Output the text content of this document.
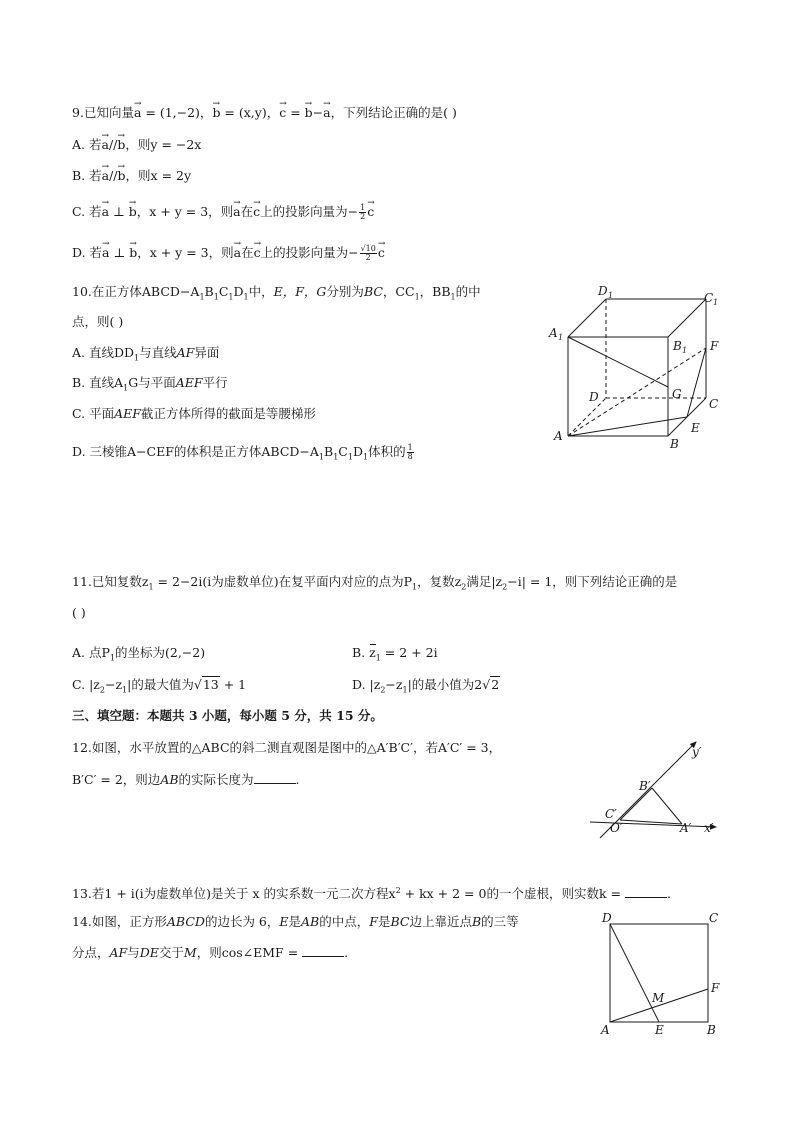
9.已知向量→ a = (1,−2)，→ b = (x,y)，→ c = → b−→ a，下列结论正确的是( )
A. 若→ a//→ b，则y = −2x
B. 若→ a//→ b，则x = 2y
C. 若→ a ⊥ → b，x + y = 3，则→ a在→ c上的投影向量为− $\frac{1}{2}$
→ c
D. 若→ a ⊥ → b，x + y = 3，则→ a在→ c上的投影向量为− $\frac{√10}{2}$
→ c
10.在正方体$ABCD-A_1B_1C_1D_1$中，E，F，G分别为BC，$CC_1$，$BB_1$的中
点，则( )
A. 直线$DD_1$与直线AF异面
B. 直线$A_1G$与平面AEF平行
C. 平面AEF截正方体所得的截面是等腰梯形
D. 三棱锥A−CEF的体积是正方体$ABCD-A_1B_1C_1D_1$体积的 $\frac{1}{8}$
D 1	C 1
A 1
B 1 F
D	G
C
A
E
B
11.已知复数$z_1 = 2-2i(i$为虚数单位)在复平面内对应的点为$P_1$，复数$z_2$满足$|z_2-i| = 1$，则下列结论正确的是
( )
A. 点$P_1$的坐标为(2,−2)	B. $z_1 = 2 + 2i$
C. $|z_2-z_1|$的最大值为√13 + 1	D. $|z_2-z_1|$的最小值为2√2
三、填空题：本题共 3 小题，每小题 5 分，共 15 分。
12.如图，水平放置的△ABC的斜二测直观图是图中的△A′B′C′，若A′C′ = 3，
B′C′ = 2，则边AB的实际长度为	.
y′
B′
C′
O′	A′ x′
13.若1 + i(i为虚数单位)是关于 x 的实系数一元二次方程$x^2$ + kx + 2 = 0的一个虚根，则实数k =	.
14.如图，正方形ABCD的边长为 6，E是AB的中点，F是BC边上靠近点B的三等
分点，AF与DE交于M，则cos∠EMF =	.
D	C
M
F
A	E	B
